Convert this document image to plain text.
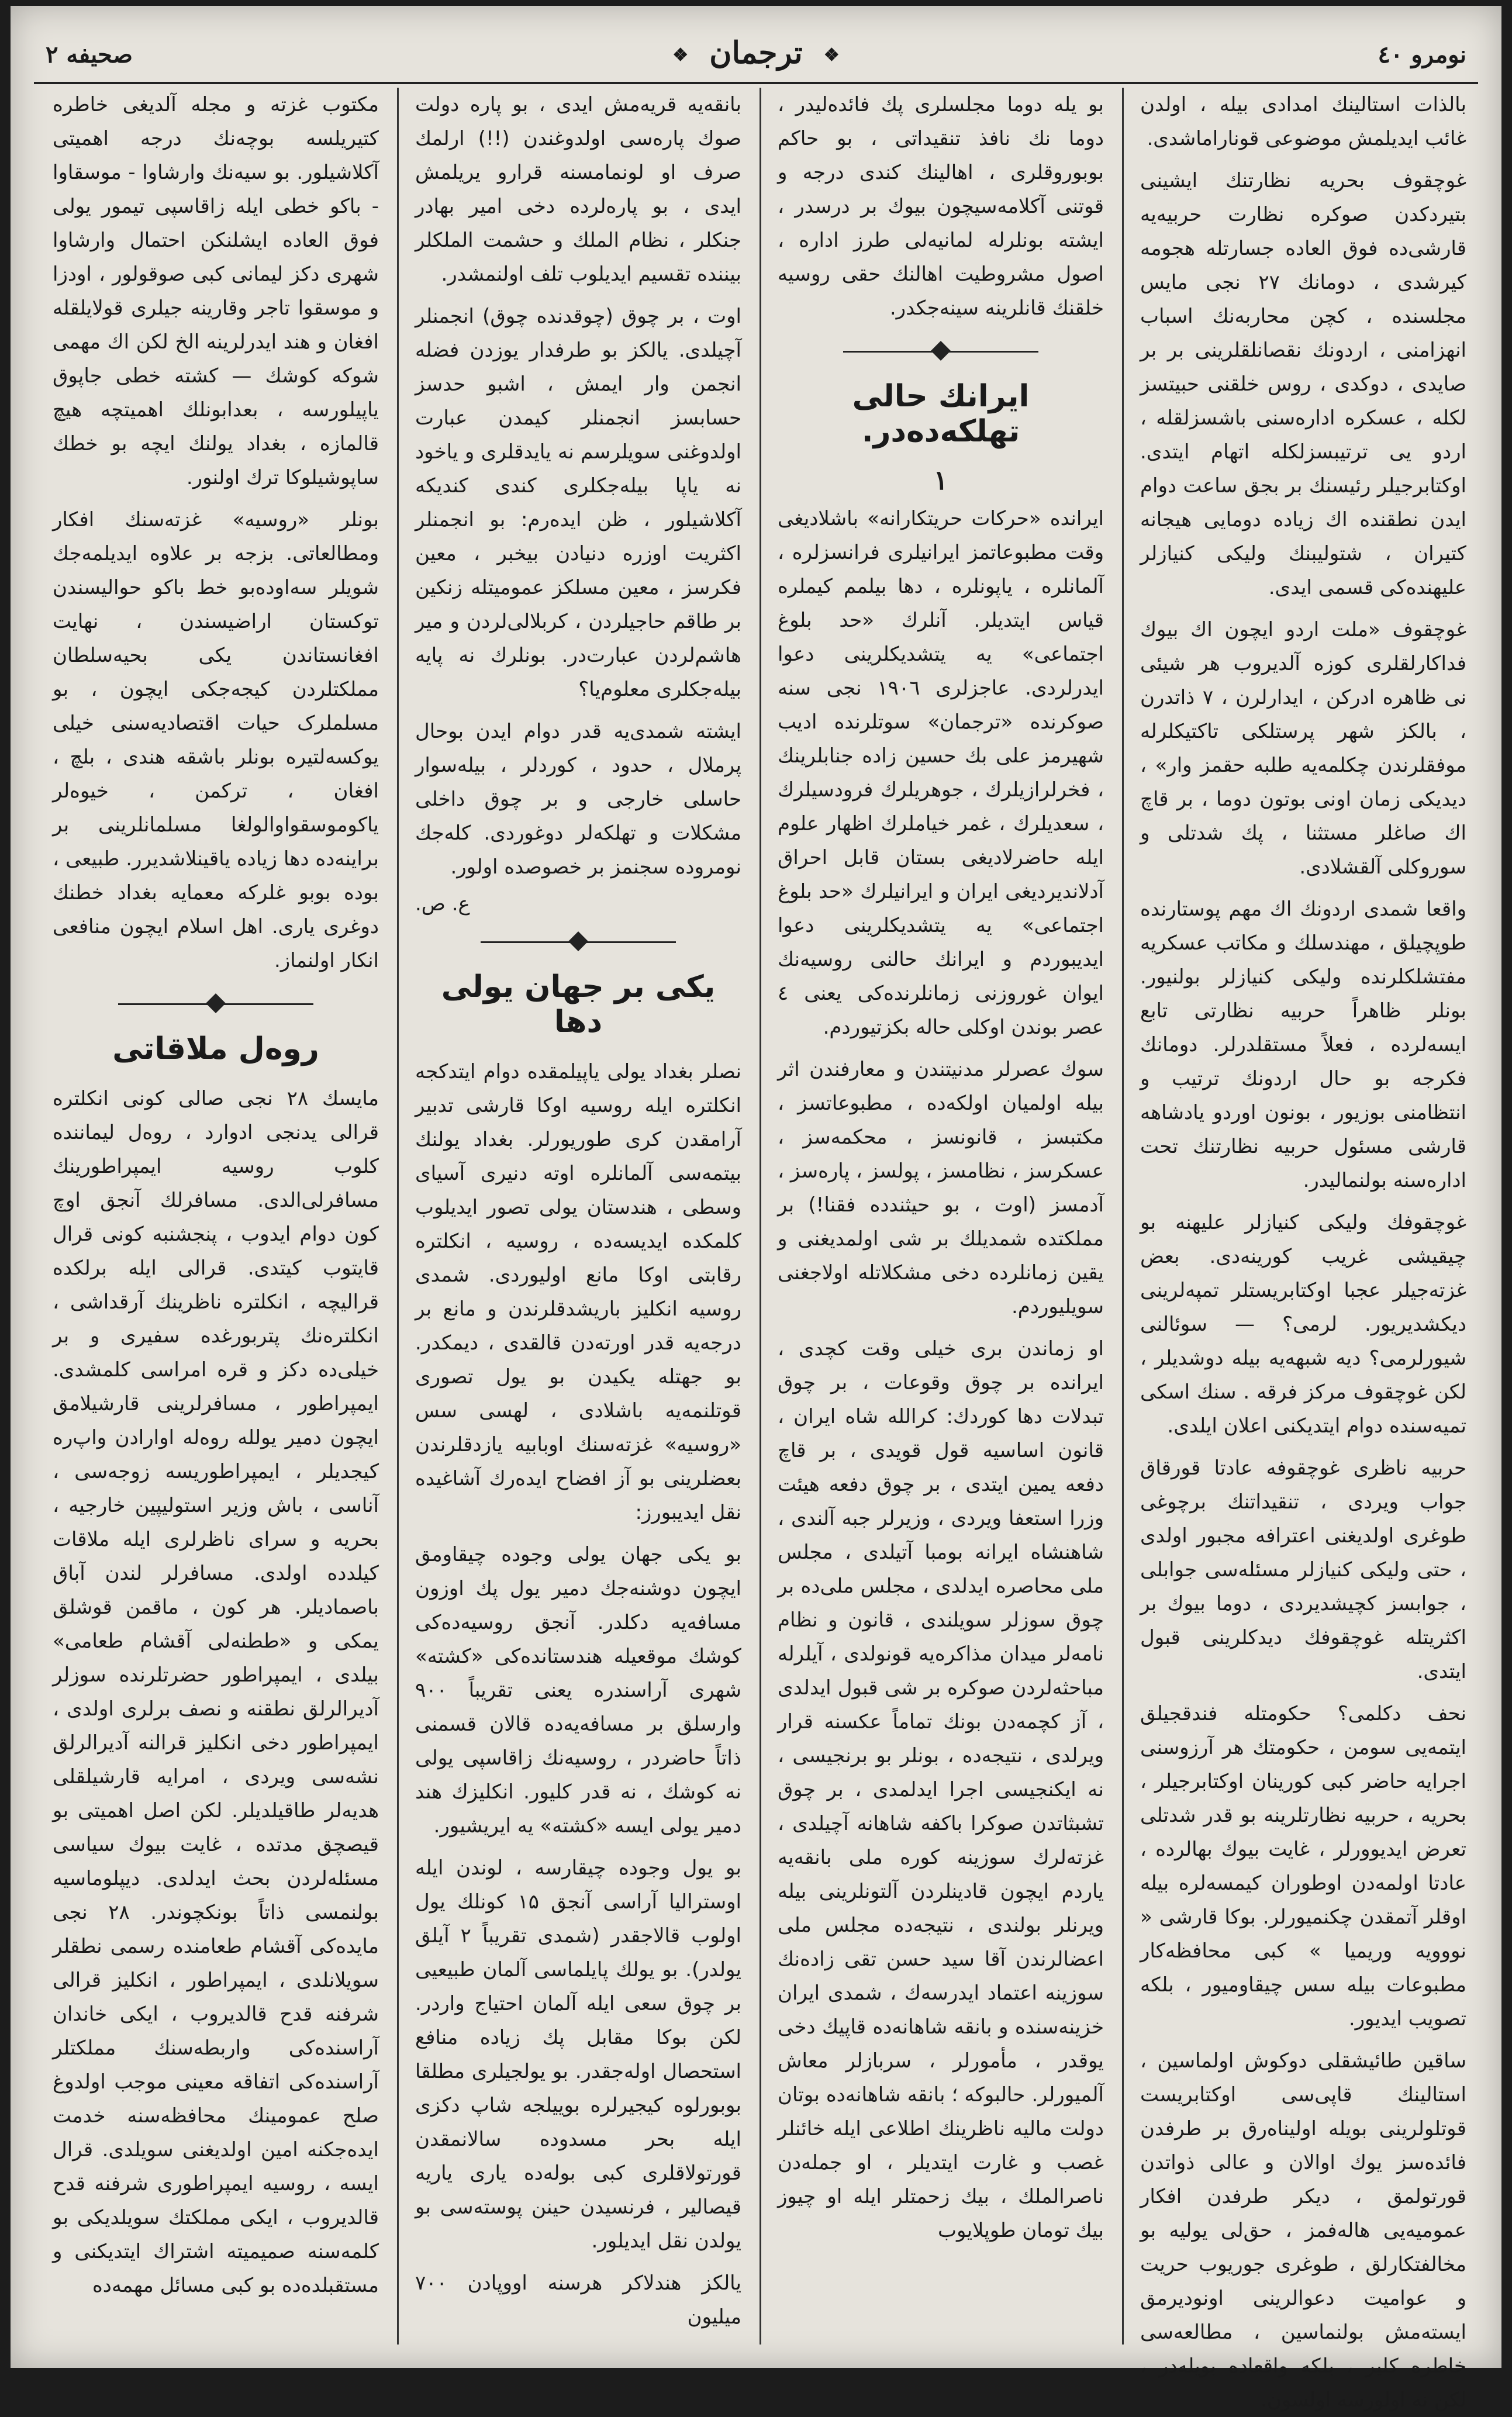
نومرو ٤٠
❖ ترجمان ❖
صحیفه ۲

بالذات استالینك امدادی بیله ، اولدن غائب ایدیلمش موضوعی قوناراماشدی.

غوچقوف بحریه نظارتنك ایشینی بتیردکدن صوکره نظارت حربیه‌یه قارشی‌ده فوق العاده جسارتله هجومه کیرشدی ، دومانك ۲۷ نجی مایس مجلسنده ، کچن محاربه‌نك اسباب انهزامنی ، اردونك نقصانلقلرینی بر بر صایدی ، دوکدی ، روس خلقنی حبیتسز لکله ، عسکره ادارەسنی باشسزلقله ، اردو یی ترتیبسزلکله اتهام ایتدی. اوکتابرجیلر رئیسنك بر بجق ساعت دوام ایدن نطقنده اك زیاده دومایی هیجانه کتیران ، شتولیبنك ولیکی کنیازلر علیهنده‌کی قسمی ایدی.

غوچقوف «ملت اردو ایچون اك بیوك فداکارلقلری کوزه آلدیروب هر شیئی نی ظاهره ادرکن ، ایدارلرن ، ۷ ذاتدرن ، بالکز شهر پرستلکی تاکتیکلرله موفقلرندن چکلمه‌یه طلبه حقمز وار» ، دیدیکی زمان اونی بوتون دوما ، بر قاچ اك صاغلر مستثنا ، پك شدتلی و سوروکلی آلقشلادی.

واقعا شمدی اردونك اك مهم پوستارندە طوپچیلق ، مهندسلك و مکاتب عسکریه مفتشلکلرنده ولیکی کنیازلر بولنیور. بونلر ظاهراً حربیه نظارتی تابع ایسه‌لرده ، فعلاً مستقلدرلر. دومانك فکرجه بو حال اردونك ترتیب و انتظامنی بوزیور ، بونون اوردو یادشاهه قارشی مسئول حربیه نظارتنك تحت ادارەسنه بولنمالیدر.

غوچقوفك ولیکی کنیازلر علیهنه بو چیقیشی غریب کورینه‌دی. بعض غزته‌جیلر عجبا اوکتابریستلر تمپەلرینی دیکشدیریور. لرمی؟ — سوئالنی شیورلرمی؟ دیه شبهه‌یه بیله دوشدیلر ، لکن غوچقوف مرکز فرقه . سنك اسکی تمیەسنده دوام ایتدیکنی اعلان ایلدی.

حربیه ناظری غوچقوفه عادتا قورقاق جواب ویردی ، تنقیداتنك برچوغی طوغری اولدیغنی اعترافه مجبور اولدی ، حتی ولیکی کنیازلر مسئله‌سی جوابلی ، جوابسز کچیشدیردی ، دوما بیوك بر اکثریتله غوچقوفك دیدکلرینی قبول ایتدی.

نحف دکلمی؟ حکومتله فندقجیلق ایتمه‌یی سومن ، حکومتك هر آرزوسنی اجرایه حاضر کبی کورینان اوکتابرجیلر ، بحریه ، حربیه نظارتلرینه بو قدر شدتلی تعرض ایدیوورلر ، غایت بیوك بهالرده ، عادتا اولمه‌دن اوطوران کیمسه‌لره بیله اوقلر آتمقدن چکنمیورلر. بوکا قارشی « نووویه وریمیا » کبی محافظه‌کار مطبوعات بیله سس چیقاومیور ، بلکه تصویب ایدیور.

ساقین طائیشقلی دوکوش اولماسین ، استالینك قاپی‌سی اوکتابریست قوتلولرینی بویله اولیناه‌رق بر طرفدن فائده‌سز یوك اوالان و عالی ذواتدن قورتولمق ، دیکر طرفدن افکار عمومیه‌یی هاله‌فمز ، حق‌لی یولیه بو مخالفتکارلق ، طوغری جوریوب حریت و عوامیت دعوالرینی اونودیرمق ایسته‌مش بولنماسین ، مطالعه‌سی خاطره کلیر ، بلکه واقعاده بویله‌در ، لکن نه اولورسه اولسون.

بو یله دوما مجلسلری پك فائده‌لیدر ، دوما نك نافذ تنقیداتی ، بو حاکم بوبوروقلری ، اهالینك کندی درجه و قوتنی آکلامه‌سیچون بیوك بر درسدر ، ایشته بونلرله لمانیه‌لی طرز اداره ، اصول مشروطیت اهالنك حقی روسیه خلقنك قانلرینه سینه‌جکدر.

ایرانك حالی تهلکه‌ده‌در.
۱

ایرانده «حرکات حریتکارانه» باشلادیغی وقت مطبوعاتمز ایرانیلری فرانسزلره ، آلمانلره ، یاپونلره ، دها بیلمم کیملره قیاس ایتدیلر. آنلرك «حد بلوغ اجتماعی» یه یتشدیکلرینی دعوا ایدرلردی. عاجزلری ۱۹۰٦ نجی سنه صوکرنده «ترجمان» سوتلرنده ادیب شهیرمز علی بك حسین زاده جنابلرینك ، فخرلرازیلرك ، جوهریلرك فرودسیلرك ، سعدیلرك ، غمر خیاملرك اظهار علوم ایله حاضرلادیغی بستان قابل احراق آدلاندیردیغی ایران و ایرانیلرك «حد بلوغ اجتماعی» یه یتشدیکلرینی دعوا ایدیبوردم و ایرانك حالنی روسیه‌نك ایوان غوروزنی زمانلرنده‌کی یعنی ٤ عصر بوندن اوکلی حاله بکزتیوردم.

سوك عصرلر مدنیتندن و معارفندن اثر بیله اولمیان اولکه‌ده ، مطبوعاتسز ، مکتبسز ، قانونسز ، محکمه‌سز ، عسکرسز ، نظامسز ، پولسز ، پاره‌سز ، آدمسز (اوت ، بو حیثندده فقنا!) بر مملکتده شمدیلك بر شی اولمدیغنی و یقین زمانلرده دخی مشکلاتله اولاجغنی سویلیوردم.

او زماندن بری خیلی وقت کچدی ، ایرانده بر چوق وقوعات ، بر چوق تبدلات دها کوردك: کرالله شاه ایران ، قانون اساسیه قول قویدی ، بر قاچ دفعه یمین ایتدی ، بر چوق دفعه هیئت وزرا استعفا ویردی ، وزیرلر جبه آلندی ، شاهنشاه ایرانه بومبا آتیلدی ، مجلس ملی محاصره ایدلدی ، مجلس ملی‌ده بر چوق سوزلر سویلندی ، قانون و نظام نامه‌لر میدان مذاکره‌یه قونولدی ، آیلرله مباحثه‌لردن صوکره بر شی قبول ایدلدی ، آز کچمه‌دن بونك تماماً عکسنه قرار ویرلدی ، نتیجه‌ده ، بونلر بو برنجیسی ، نه ایکنجیسی اجرا ایدلمدی ، بر چوق تشبثاتدن صوکرا باکفه شاهانه آچیلدی ، غزته‌لرك سوزینه کوره ملی بانقه‌یه یاردم ایچون قادینلردن آلتونلرینی بیله ویرنلر بولندی ، نتیجه‌ده مجلس ملی اعضالرندن آقا سید حسن تقی زاده‌نك سوزینه اعتماد ایدرسه‌ك ، شمدی ایران خزینه‌سنده و بانقه شاهانه‌ده قاپیك دخی یوقدر ، مأمورلر ، سربازلر معاش آلمیورلر. حالبوکه ؛ بانقه شاهانه‌ده بوتان دولت مالیه ناظرینك اطلاعی ایله خائنلر غصب و غارت ایتدیلر ، او جمله‌دن ناصرالملك ، بیك زحمتلر ایله او چیوز بیك تومان طوپلایوب

بانقه‌یه قریەمش ایدی ، بو پاره دولت صوك پاره‌سی اولدوغندن (!!) ارلمك صرف او لونمامسنه قرارو یریلمش ایدی ، بو پاره‌لرده دخی امیر بهادر جنکلر ، نظام الملك و حشمت الملکلر بیننده تقسیم ایدیلوب تلف اولنمشدر.

اوت ، بر چوق (چوقدنده چوق) انجمنلر آچیلدی. یالکز بو طرفدار یوزدن فضله انجمن وار ایمش ، اشبو حدسز حسابسز انجمنلر کیمدن عبارت اولدوغنی سویلرسم نه یایدقلری و یاخود نه یاپا بیله‌جکلری کندی کندیکه آکلاشیلور ، ظن ایدەرم: بو انجمنلر اکثریت اوزره دنیادن بیخبر ، معین فکرسز ، معین مسلکز عمومیتله زنکین بر طاقم حاجیلردن ، کربلالی‌لردن و میر هاشم‌لردن عبارت‌در. بونلرك نه پایه بیله‌جکلری معلوم‌یا؟

ایشته شمدی‌یه قدر دوام ایدن بوحال پرملال ، حدود ، کوردلر ، بیله‌سوار حاسلی خارجی و بر چوق داخلی مشکلات و تهلکه‌لر دوغوردی. کله‌جك نومروده سجنمز بر خصوصده اولور.

ع. ص.
یکی بر جهان یولی دها

نصلر بغداد یولی یاپیلمقده دوام ایتدکجه انکلتره ایله روسیه اوکا قارشی تدبیر آرامقدن کری طوریورلر. بغداد یولنك بیتمه‌سی آلمانلره اوته دنیری آسیای وسطی ، هندستان یولی تصور ایدیلوب کلمکده ایدیسه‌ده ، روسیه ، انکلتره رقابتی اوکا مانع اولیوردی. شمدی روسیه انکلیز باریشدقلرندن و مانع بر درجه‌یه قدر اورته‌دن قالقدی ، دیمکدر. بو جهتله یکیدن بو یول تصوری قوتلنمه‌یه باشلادی ، لهسی سس «روسیه» غزته‌سنك اوبابیه یازدقلرندن بعضلرینی بو آز افضاح ایدەرك آشاغیده نقل ایدیبورز:

بو یکی جهان یولی وجوده چیقاومق ایچون دوشنه‌جك دمیر یول پك اوزون مسافه‌یه دکلدر. آنجق روسیه‌ده‌کی کوشك موقعیله هندستانده‌کی «کشته» شهری آراسندره یعنی تقریباً ۹۰۰ وارسلق بر مسافه‌یه‌ده قالان قسمنی ذاتاً حاضردر ، روسیه‌نك زاقاسپی یولی نه کوشك ، نه قدر کلیور. انکلیزك هند دمیر یولی ایسه «کشته» یه ایریشیور.

بو یول وجوده چیقارسه ، لوندن ایله اوسترالیا آراسی آنجق ۱۵ کونلك یول اولوب قالاجقدر (شمدی تقریباً ۲ آیلق یولدر). بو یولك پایلماسی آلمان طبیعیی بر چوق سعی ایله آلمان احتیاج واردر. لکن بوکا مقابل پك زیاده منافع استحصال اوله‌جقدر. بو یولجیلری مطلقا بوبورلوه کیجیرلره بوییلجه شاپ دکزی ایله بحر مسدوده سالانمقدن قورتولاقلری کبی بوله‌ده یاری یاریه قیصالیر ، فرنسیدن حینن پوسته‌سی بو یولدن نقل ایدیلور.

یالکز هندلاکر هرسنه اووپادن ۷۰۰ میلیون

مکتوب غزته و مجله آلدیغی خاطره کتیریلسه بوچه‌نك درجه اهمیتی آکلاشیلور. بو سیەنك وارشاوا - موسقاوا - باکو خطی ایله زاقاسپی تیمور یولی فوق العاده ایشلنکن احتمال وارشاوا شهری دکز لیمانی کبی صوقولور ، اودزا و موسقوا تاجر وقارینه جیلری قولایلقله افغان و هند ایدرلرینه الخ لکن اك مهمی شوکه کوشك — کشته خطی جاپوق یاپیلورسه ، بعدابونلك اهمیتچه هیچ قالمازه ، بغداد یولنك ایچه بو خطك ساپوشیلوکا ترك اولنور.

بونلر «روسیه» غزته‌سنك افکار ومطالعاتی. بزجه بر علاوه ایدیلمه‌جك شویلر سه‌اوده‌بو خط باکو حوالیسندن توکستان اراضیسندن ، نهایت افغانستاندن یکی بحیه‌سلطان مملکتلردن کیجه‌جکی ایچون ، بو مسلملرک حیات اقتصادیه‌سنی خیلی یوکسه‌لتیرە بونلر باشقه هندی ، بلچ ، افغان ، ترکمن ، خیوه‌لر یاکوموسقواوالولغا مسلمانلرینی بر براینه‌ده دها زیاده یاقینلاشدیرر. طبیعی ، بوده بوبو غلرکه معمایه بغداد خطنك دوغری یاری. اهل اسلام ایچون منافعی انکار اولنماز.

روەل ملاقاتی

مایسك ۲۸ نجی صالی کونی انکلتره قرالی یدنجی ادوارد ، روەل لیماننده کلوب روسیه ایمپراطورینك مسافرلی‌الدی. مسافرلك آنجق اوچ کون دوام ایدوب ، پنجشنبه کونی قرال قایتوب کیتدی. قرالی ایله برلکده قرالیچه ، انکلتره ناظرینك آرقداشی ، انکلتره‌نك پتربورغده سفیری و بر خیلی‌ده دکز و قره امراسی کلمشدی. ایمپراطور ، مسافرلرینی قارشیلامق ایچون دمیر یولله روەله اوارادن واپ‌ره کیجدیلر ، ایمپراطوریسه زوجه‌سی ، آناسی ، باش وزیر استولیپین خارجیه ، بحریه و سرای ناظرلری ایله ملاقات کیلدده اولدی. مسافرلر لندن آباق باصماديلر. هر کون ، ماقمن قوشلق یمکی و «ططنه‌لی آقشام طعامی» بیلدی ، ایمپراطور حضرتلرنده سوزلر آدیرالرلق نطقنه و نصف برلری اولدی ، ایمپراطور دخی انکلیز قرالنه آدیرالرلق نشه‌سی ویردی ، امرایه قارشیلقلی هدیەلر طاقیلدیلر. لکن اصل اهمیتی بو قیصچق مدتده ، غایت بیوك سیاسی مسئلەلردن بحث ایدلدی. دیپلوماسیه بولنمسی ذاتاً بونکچوندر. ۲۸ نجی مایده‌کی آقشام طعامنده رسمی نطقلر سویلانلدی ، ایمپراطور ، انکلیز قرالی شرفنه قدح قالدیروب ، ایکی خاندان آراسنده‌کی واربطه‌سنك مملکتلر آراسنده‌کی اتفاقه معینی موجب اولدوغ صلح عمومینك محافظه‌سنه خدمت ایده‌جکنه امین اولدیغنی سویلدی. قرال ایسه ، روسیه ایمپراطوری شرفنه قدح قالدیروب ، ایکی مملکتك سویلدیکی بو کلمه‌سنه صمیمیته اشتراك ایتدیکنی و مستقبلده‌ده بو کبی مسائل مهمه‌ده
